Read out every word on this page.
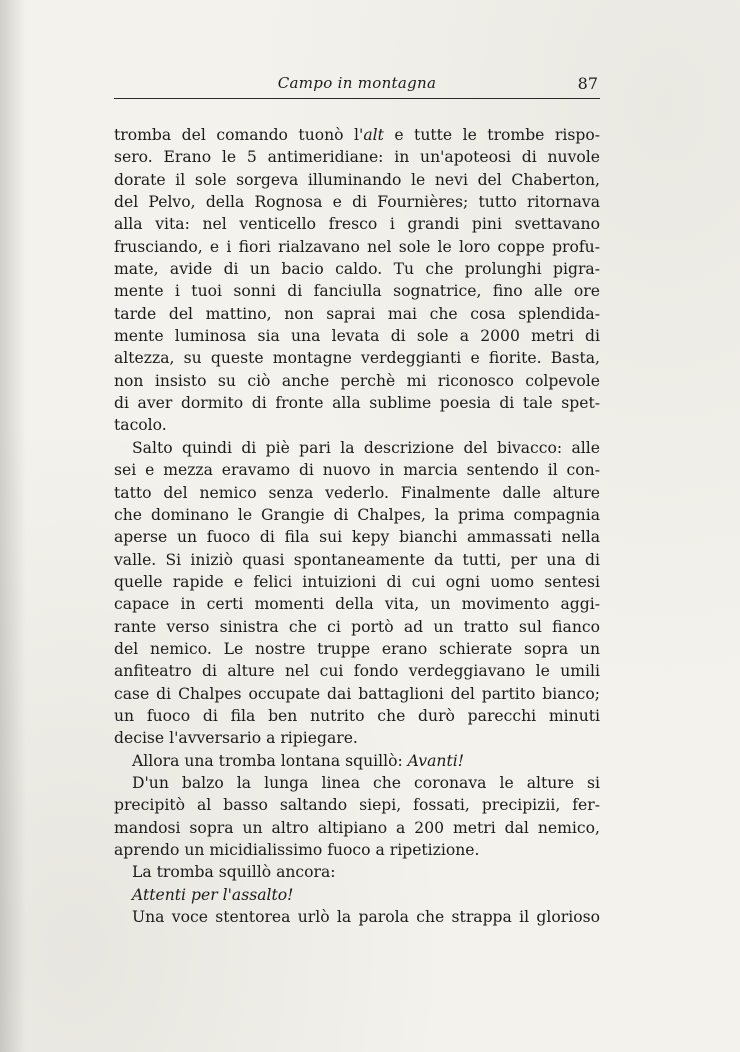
Campo in montagna	87
tromba del comando tuonò l'alt e tutte le trombe rispo-
sero. Erano le 5 antimeridiane: in un'apoteosi di nuvole
dorate il sole sorgeva illuminando le nevi del Chaberton,
del Pelvo, della Rognosa e di Fournières; tutto ritornava
alla vita: nel venticello fresco i grandi pini svettavano
frusciando, e i fiori rialzavano nel sole le loro coppe profu-
mate, avide di un bacio caldo. Tu che prolunghi pigra-
mente i tuoi sonni di fanciulla sognatrice, fino alle ore
tarde del mattino, non saprai mai che cosa splendida-
mente luminosa sia una levata di sole a 2000 metri di
altezza, su queste montagne verdeggianti e fiorite. Basta,
non insisto su ciò anche perchè mi riconosco colpevole
di aver dormito di fronte alla sublime poesia di tale spet-
tacolo.
Salto quindi di piè pari la descrizione del bivacco: alle
sei e mezza eravamo di nuovo in marcia sentendo il con-
tatto del nemico senza vederlo. Finalmente dalle alture
che dominano le Grangie di Chalpes, la prima compagnia
aperse un fuoco di fila sui kepy bianchi ammassati nella
valle. Si iniziò quasi spontaneamente da tutti, per una di
quelle rapide e felici intuizioni di cui ogni uomo sentesi
capace in certi momenti della vita, un movimento aggi-
rante verso sinistra che ci portò ad un tratto sul fianco
del nemico. Le nostre truppe erano schierate sopra un
anfiteatro di alture nel cui fondo verdeggiavano le umili
case di Chalpes occupate dai battaglioni del partito bianco;
un fuoco di fila ben nutrito che durò parecchi minuti
decise l'avversario a ripiegare.
Allora una tromba lontana squillò: Avanti!
D'un balzo la lunga linea che coronava le alture si
precipitò al basso saltando siepi, fossati, precipizii, fer-
mandosi sopra un altro altipiano a 200 metri dal nemico,
aprendo un micidialissimo fuoco a ripetizione.
La tromba squillò ancora:
Attenti per l'assalto!
Una voce stentorea urlò la parola che strappa il glorioso
